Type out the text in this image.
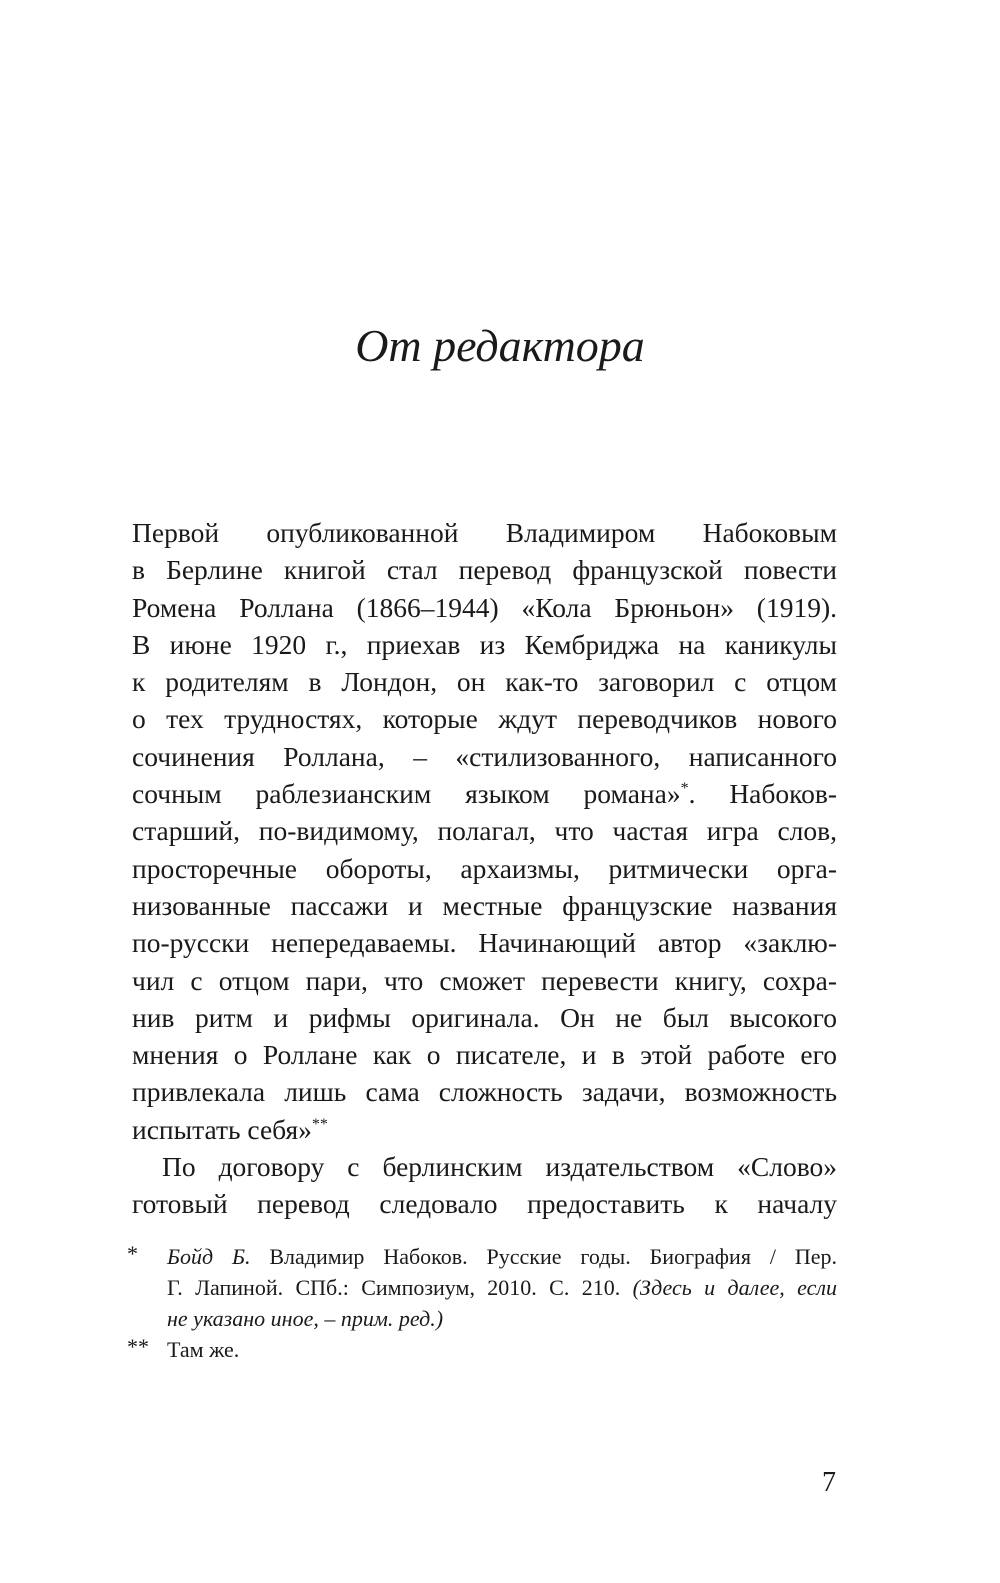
От редактора
Первой опубликованной Владимиром Набоковым
в Берлине книгой стал перевод французской повести
Ромена Роллана (1866–1944) «Кола Брюньон» (1919).
В июне 1920 г., приехав из Кембриджа на каникулы
к родителям в Лондон, он как-то заговорил с отцом
о тех трудностях, которые ждут переводчиков нового
сочинения Роллана, – «стилизованного, написанного
сочным раблезианским языком романа»*. Набоков-
старший, по-видимому, полагал, что частая игра слов,
просторечные обороты, архаизмы, ритмически орга-
низованные пассажи и местные французские названия
по-русски непередаваемы. Начинающий автор «заклю-
чил с отцом пари, что сможет перевести книгу, сохра-
нив ритм и рифмы оригинала. Он не был высокого
мнения о Роллане как о писателе, и в этой работе его
привлекала лишь сама сложность задачи, возможность
испытать себя»**
По договору с берлинским издательством «Слово»
готовый перевод следовало предоставить к началу
*	Бойд Б. Владимир Набоков. Русские годы. Биография / Пер.
Г. Лапиной. СПб.: Симпозиум, 2010. С. 210. (Здесь и далее, если
не указано иное, – прим. ред.)
** Там же.
7
